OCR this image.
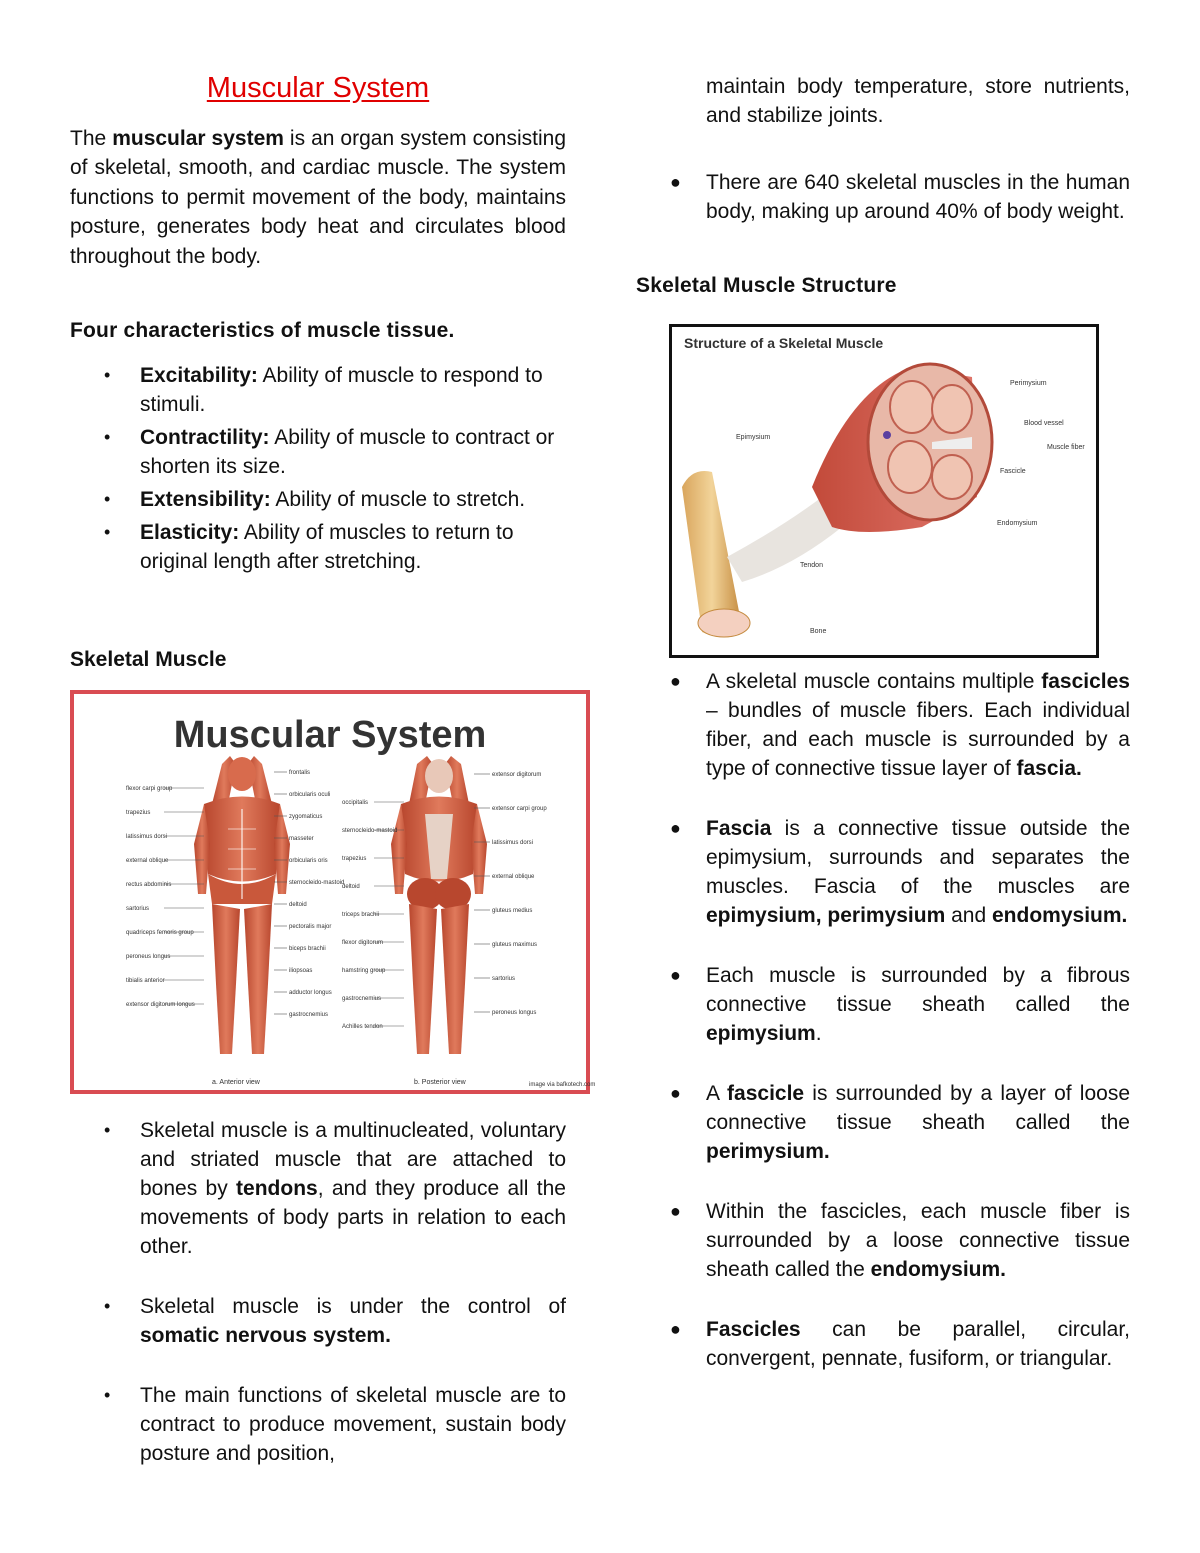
Muscular System

The muscular system is an organ system consisting of skeletal, smooth, and cardiac muscle. The system functions to permit movement of the body, maintains posture, generates body heat and circulates blood throughout the body.

Four characteristics of muscle tissue.

• Excitability: Ability of muscle to respond to stimuli.
• Contractility: Ability of muscle to contract or shorten its size.
• Extensibility: Ability of muscle to stretch.
• Elasticity: Ability of muscles to return to original length after stretching.

Skeletal Muscle

• Skeletal muscle is a multinucleated, voluntary and striated muscle that are attached to bones by tendons, and they produce all the movements of body parts in relation to each other.
• Skeletal muscle is under the control of somatic nervous system.
• The main functions of skeletal muscle are to contract to produce movement, sustain body posture and position,
Muscular System
flexor carpi group
trapezius
latissimus dorsi
external oblique
rectus abdominis
sartorius
quadriceps femoris group
peroneus longus
tibialis anterior
extensor digitorum longus
frontalis
orbicularis oculi
zygomaticus
masseter
orbicularis oris
sternocleido-mastoid
deltoid
pectoralis major
biceps brachii
iliopsoas
adductor longus
gastrocnemius
occipitalis
sternocleido-mastoid
trapezius
deltoid
triceps brachii
flexor digitorum
hamstring group
gastrocnemius
Achilles tendon
extensor digitorum
extensor carpi group
latissimus dorsi
external oblique
gluteus medius
gluteus maximus
sartorius
peroneus longus
a. Anterior view	b. Posterior view	image via bafkotech.com

maintain body temperature, store nutrients, and stabilize joints.

● There are 640 skeletal muscles in the human body, making up around 40% of body weight.

Skeletal Muscle Structure

● A skeletal muscle contains multiple fascicles – bundles of muscle fibers. Each individual fiber, and each muscle is surrounded by a type of connective tissue layer of fascia.
● Fascia is a connective tissue outside the epimysium, surrounds and separates the muscles. Fascia of the muscles are epimysium, perimysium and endomysium.
● Each muscle is surrounded by a fibrous connective tissue sheath called the epimysium.
● A fascicle is surrounded by a layer of loose connective tissue sheath called the perimysium.
● Within the fascicles, each muscle fiber is surrounded by a loose connective tissue sheath called the endomysium.
● Fascicles can be parallel, circular, convergent, pennate, fusiform, or triangular.
Structure of a Skeletal Muscle
Perimysium
Blood vessel
Muscle fiber
Fascicle
Endomysium
Epimysium
Tendon
Bone
